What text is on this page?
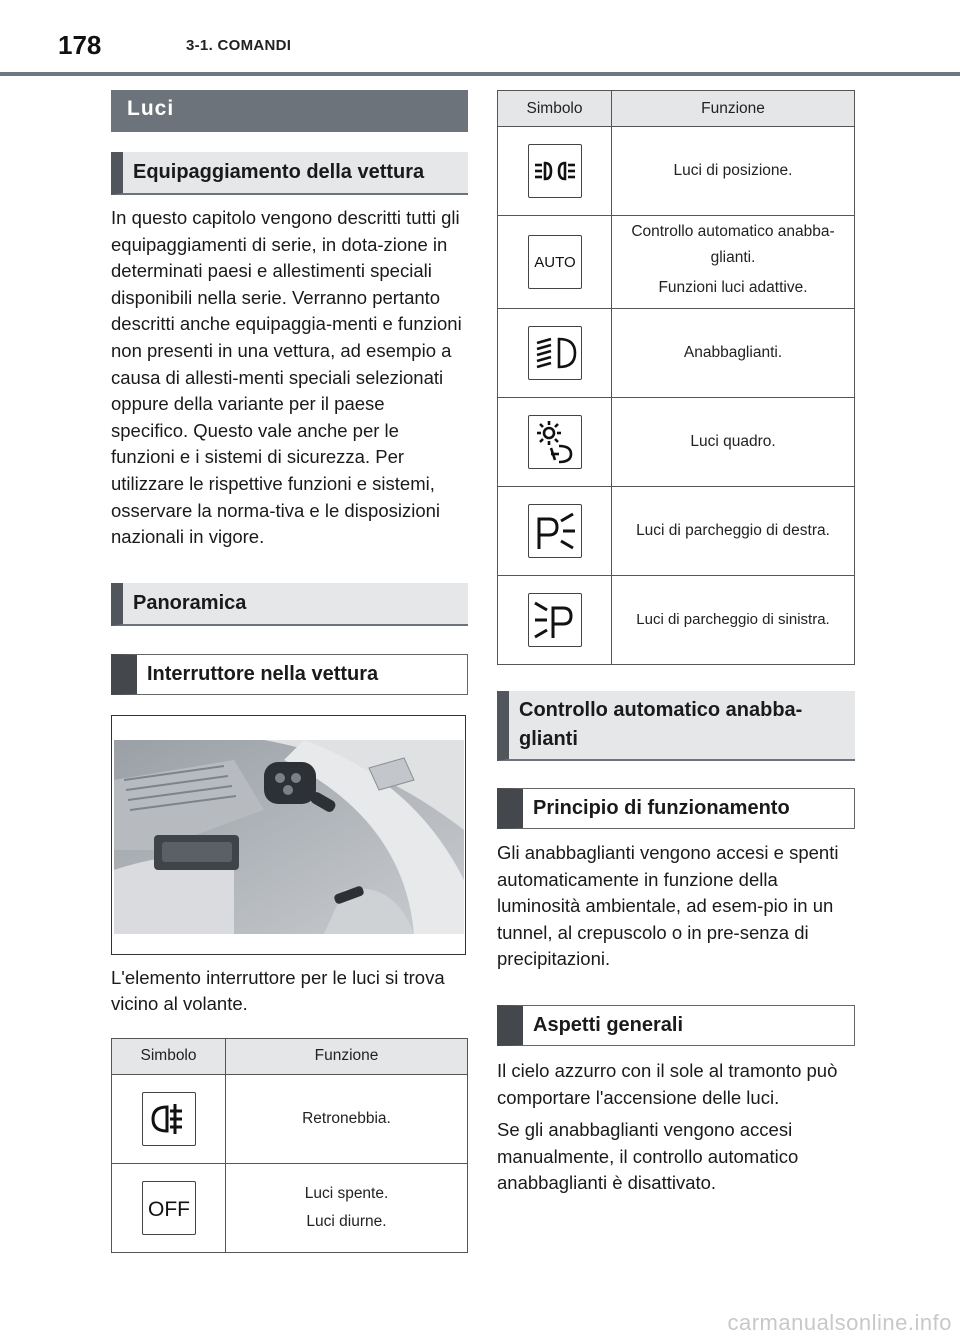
178	3-1. COMANDI
Luci
Equipaggiamento della vettura

In questo capitolo vengono descritti tutti gli equipaggiamenti di serie, in dota-zione in determinati paesi e allestimenti speciali disponibili nella serie. Verranno pertanto descritti anche equipaggia-menti e funzioni non presenti in una vettura, ad esempio a causa di allesti-menti speciali selezionati oppure della variante per il paese specifico. Questo vale anche per le funzioni e i sistemi di sicurezza. Per utilizzare le rispettive funzioni e sistemi, osservare la norma-tiva e le disposizioni nazionali in vigore.

Panoramica
Interruttore nella vettura

L'elemento interruttore per le luci si trova vicino al volante.

Simbolo	Funzione

Retronebbia.

OFF	Luci spente.
Luci diurne.
Simbolo	Funzione

Luci di posizione.

AUTO	Controllo automatico anabba-glianti.
Funzioni luci adattive.

Anabbaglianti.

Luci quadro.

Luci di parcheggio di destra.

Luci di parcheggio di sinistra.
Controllo automatico anabba-glianti
Principio di funzionamento

Gli anabbaglianti vengono accesi e spenti automaticamente in funzione della luminosità ambientale, ad esem-pio in un tunnel, al crepuscolo o in pre-senza di precipitazioni.

Aspetti generali

Il cielo azzurro con il sole al tramonto può comportare l'accensione delle luci.

Se gli anabbaglianti vengono accesi manualmente, il controllo automatico anabbaglianti è disattivato.

carmanualsonline.info
